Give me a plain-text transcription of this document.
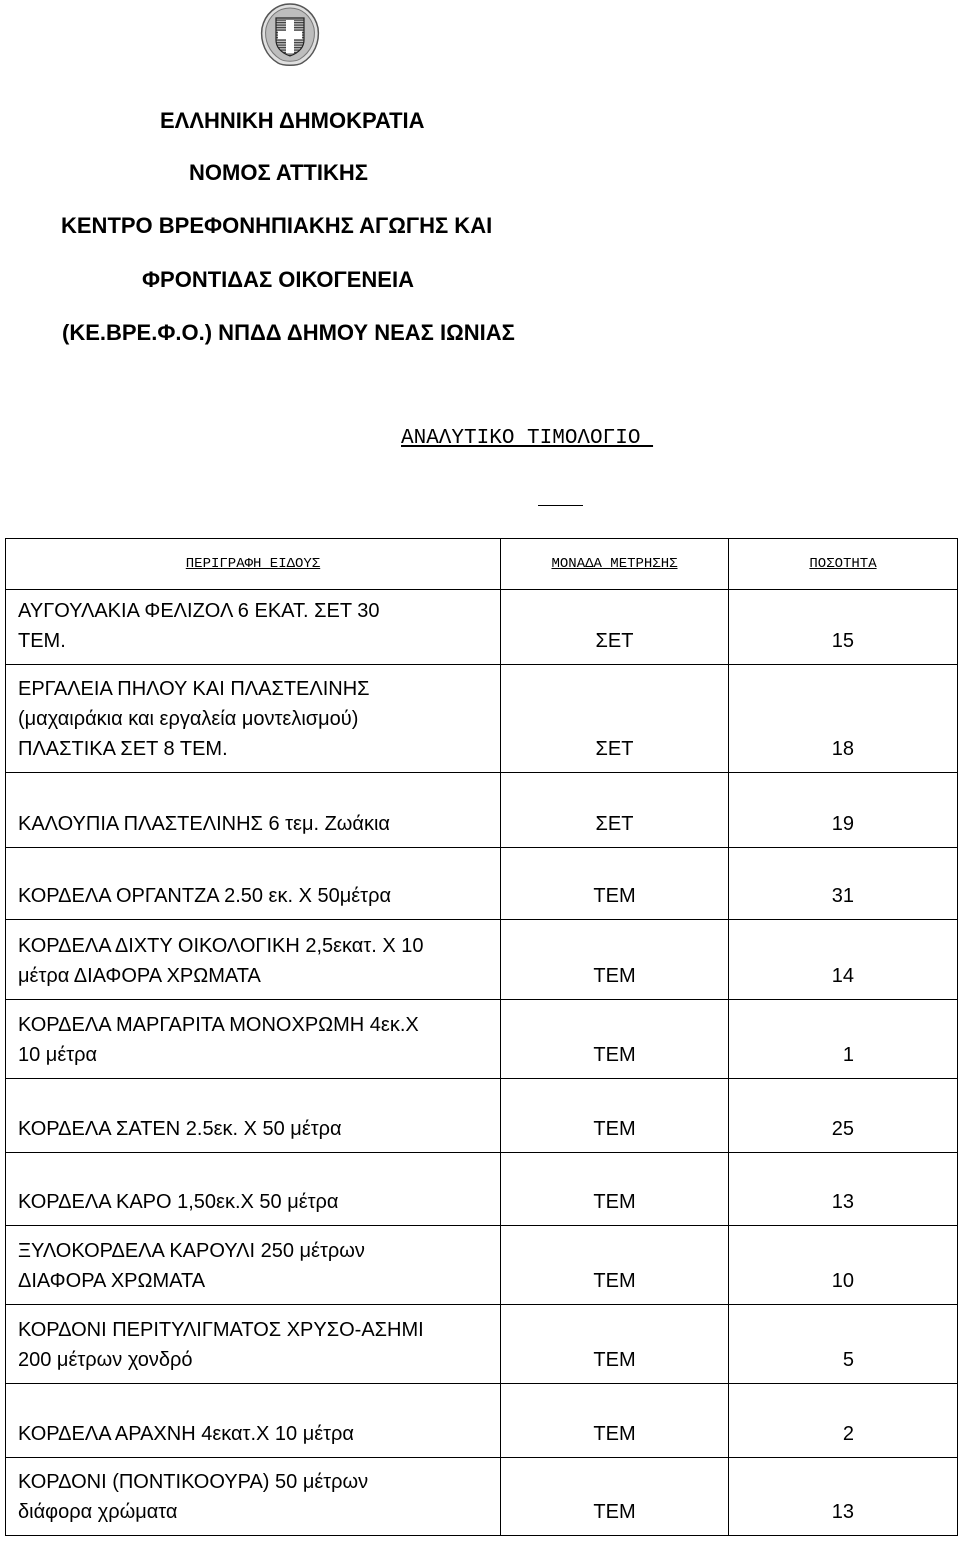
ΕΛΛΗΝΙΚΗ ΔΗΜΟΚΡΑΤΙΑ

ΝΟΜΟΣ ΑΤΤΙΚΗΣ

ΚΕΝΤΡΟ ΒΡΕΦΟΝΗΠΙΑΚΗΣ ΑΓΩΓΗΣ ΚΑΙ

ΦΡΟΝΤΙΔΑΣ ΟΙΚΟΓΕΝΕΙΑ

(ΚΕ.ΒΡΕ.Φ.Ο.) ΝΠΔΔ ΔΗΜΟΥ ΝΕΑΣ ΙΩΝΙΑΣ

ΑΝΑΛΥΤΙΚΟ ΤΙΜΟΛΟΓΙΟ

ΠΕΡΙΓΡΑΦΗ ΕΙΔΟΥΣ	ΜΟΝΑΔΑ ΜΕΤΡΗΣΗΣ	ΠΟΣΟΤΗΤΑ

ΑΥΓΟΥΛΑΚΙΑ ΦΕΛΙΖΟΛ 6 ΕΚΑΤ. ΣΕΤ 30
ΤΕΜ.	ΣΕΤ	15

ΕΡΓΑΛΕΙΑ ΠΗΛΟΥ ΚΑΙ ΠΛΑΣΤΕΛΙΝΗΣ
(μαχαιράκια και εργαλεία μοντελισμού)
ΠΛΑΣΤΙΚΑ ΣΕΤ 8 ΤΕΜ.	ΣΕΤ	18

ΚΑΛΟΥΠΙΑ ΠΛΑΣΤΕΛΙΝΗΣ 6 τεμ. Ζωάκια	ΣΕΤ	19

ΚΟΡΔΕΛΑ ΟΡΓΑΝΤΖΑ 2.50 εκ. Χ 50μέτρα	ΤΕΜ	31

ΚΟΡΔΕΛΑ ΔΙΧΤΥ ΟΙΚΟΛΟΓΙΚΗ 2,5εκατ. Χ 10
μέτρα ΔΙΑΦΟΡΑ ΧΡΩΜΑΤΑ	ΤΕΜ	14

ΚΟΡΔΕΛΑ ΜΑΡΓΑΡΙΤΑ ΜΟΝΟΧΡΩΜΗ 4εκ.Χ
10 μέτρα	ΤΕΜ	1

ΚΟΡΔΕΛΑ ΣΑΤΕΝ 2.5εκ. Χ 50 μέτρα	ΤΕΜ	25

ΚΟΡΔΕΛΑ ΚΑΡΟ 1,50εκ.Χ 50 μέτρα	ΤΕΜ	13

ΞΥΛΟΚΟΡΔΕΛΑ ΚΑΡΟΥΛΙ 250 μέτρων
ΔΙΑΦΟΡΑ ΧΡΩΜΑΤΑ	ΤΕΜ	10

ΚΟΡΔΟΝΙ ΠΕΡΙΤΥΛΙΓΜΑΤΟΣ ΧΡΥΣΟ-ΑΣΗΜΙ
200 μέτρων χονδρό	ΤΕΜ	5

ΚΟΡΔΕΛΑ ΑΡΑΧΝΗ 4εκατ.Χ 10 μέτρα	ΤΕΜ	2

ΚΟΡΔΟΝΙ (ΠΟΝΤΙΚΟΟΥΡΑ) 50 μέτρων
διάφορα χρώματα	ΤΕΜ	13
